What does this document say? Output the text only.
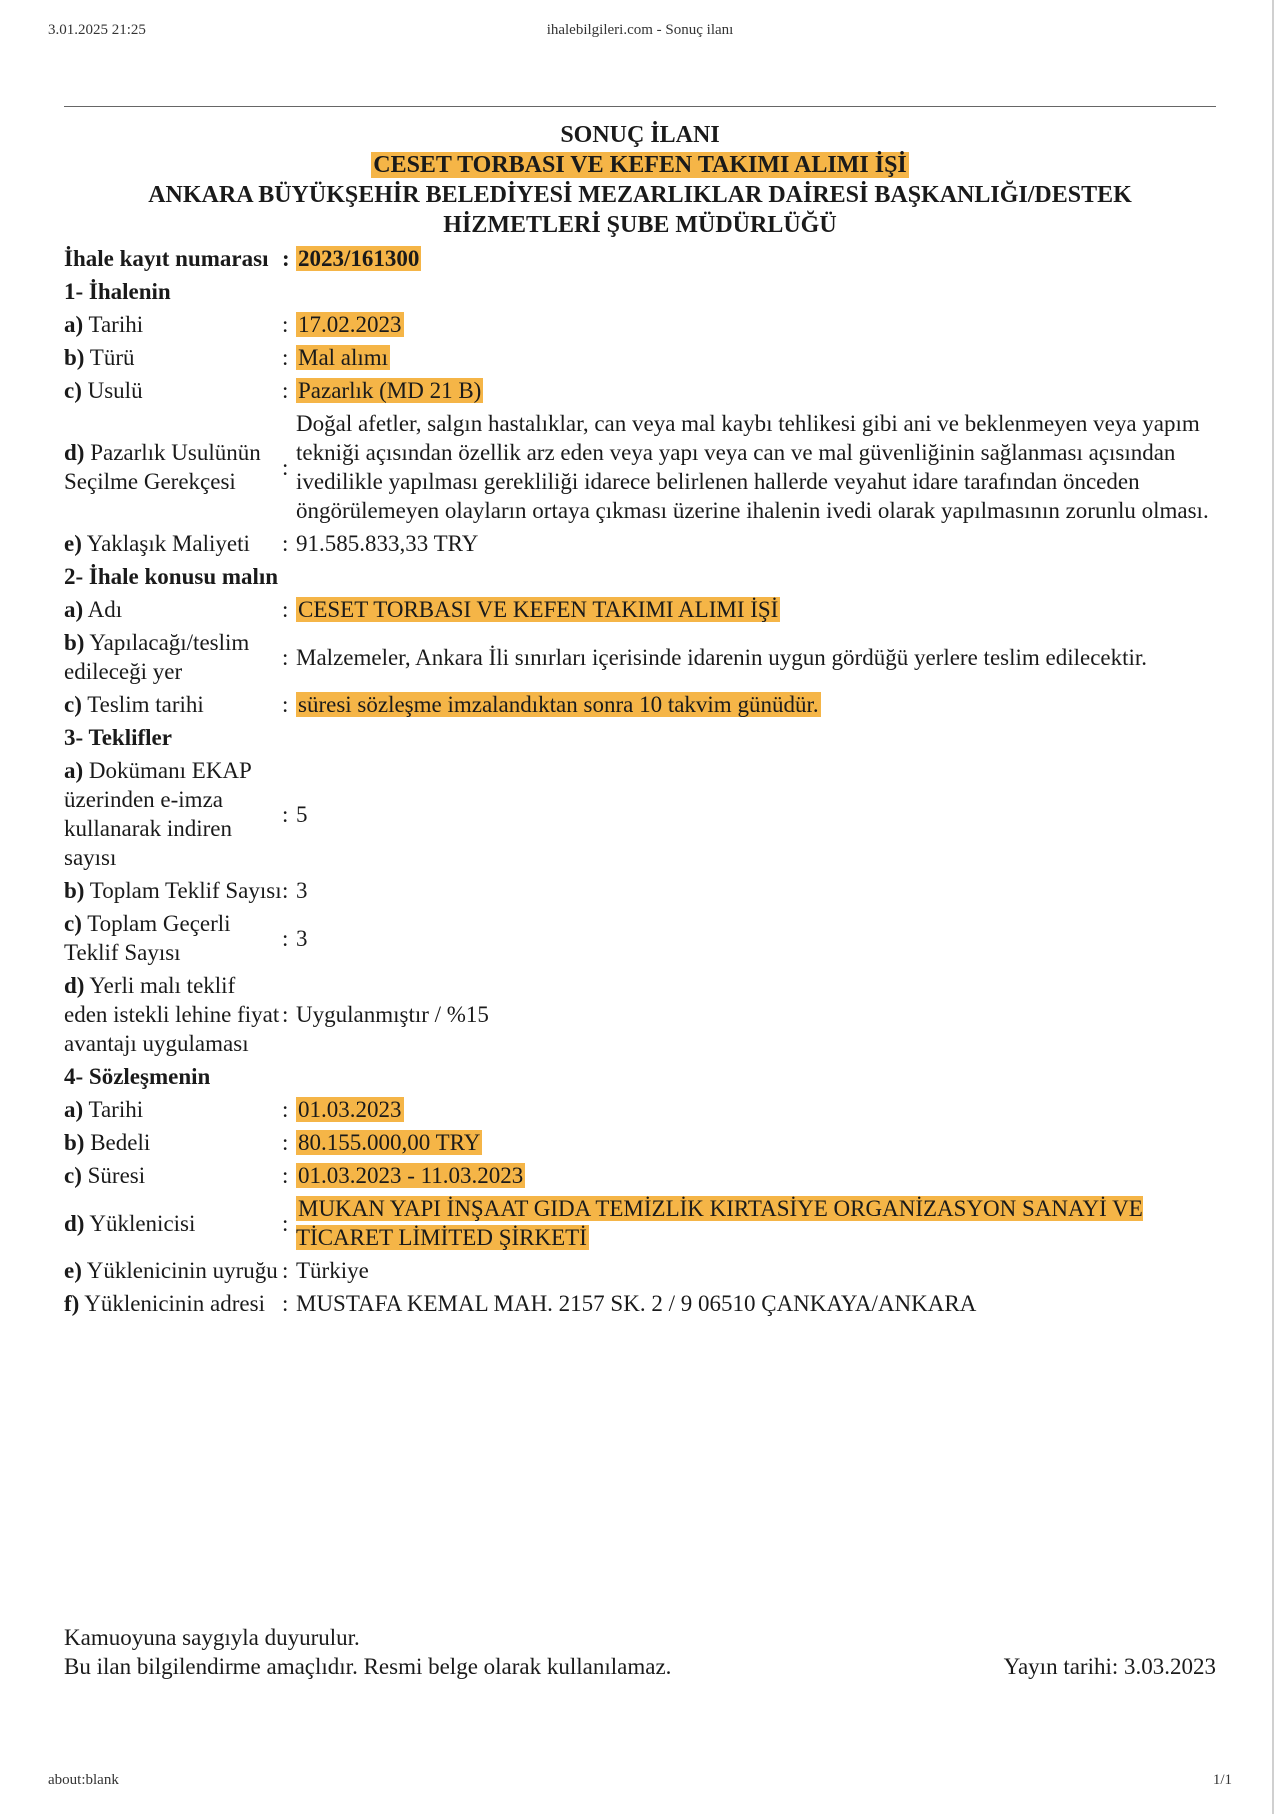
3.01.2025 21:25	ihalebilgileri.com - Sonuç ilanı
SONUÇ İLANI
CESET TORBASI VE KEFEN TAKIMI ALIMI İŞİ
ANKARA BÜYÜKŞEHİR BELEDİYESİ MEZARLIKLAR DAİRESİ BAŞKANLIĞI/DESTEK
HİZMETLERİ ŞUBE MÜDÜRLÜĞÜ
İhale kayıt numarası	:	2023/161300
1- İhalenin		
a) Tarihi	:	17.02.2023
b) Türü	:	Mal alımı
c) Usulü	:	Pazarlık (MD 21 B)
d) Pazarlık Usulünün Seçilme Gerekçesi	:	Doğal afetler, salgın hastalıklar, can veya mal kaybı tehlikesi gibi ani ve beklenmeyen veya yapım tekniği açısından özellik arz eden veya yapı veya can ve mal güvenliğinin sağlanması açısından ivedilikle yapılması gerekliliği idarece belirlenen hallerde veyahut idare tarafından önceden öngörülemeyen olayların ortaya çıkması üzerine ihalenin ivedi olarak yapılmasının zorunlu olması.
e) Yaklaşık Maliyeti	:	91.585.833,33 TRY
2- İhale konusu malın		
a) Adı	:	CESET TORBASI VE KEFEN TAKIMI ALIMI İŞİ
b) Yapılacağı/teslim edileceği yer	:	Malzemeler, Ankara İli sınırları içerisinde idarenin uygun gördüğü yerlere teslim edilecektir.
c) Teslim tarihi	:	süresi sözleşme imzalandıktan sonra 10 takvim günüdür.
3- Teklifler		
a) Dokümanı EKAP üzerinden e-imza kullanarak indiren sayısı	:	5
b) Toplam Teklif Sayısı	:	3
c) Toplam Geçerli Teklif Sayısı	:	3
d) Yerli malı teklif eden istekli lehine fiyat avantajı uygulaması	:	Uygulanmıştır / %15
4- Sözleşmenin		
a) Tarihi	:	01.03.2023
b) Bedeli	:	80.155.000,00 TRY
c) Süresi	:	01.03.2023 - 11.03.2023
d) Yüklenicisi	:	MUKAN YAPI İNŞAAT GIDA TEMİZLİK KIRTASİYE ORGANİZASYON SANAYİ VE TİCARET LİMİTED ŞİRKETİ
e) Yüklenicinin uyruğu	:	Türkiye
f) Yüklenicinin adresi	:	MUSTAFA KEMAL MAH. 2157 SK. 2 / 9 06510 ÇANKAYA/ANKARA
Kamuoyuna saygıyla duyurulur.
Bu ilan bilgilendirme amaçlıdır. Resmi belge olarak kullanılamaz.	Yayın tarihi: 3.03.2023
about:blank	1/1
